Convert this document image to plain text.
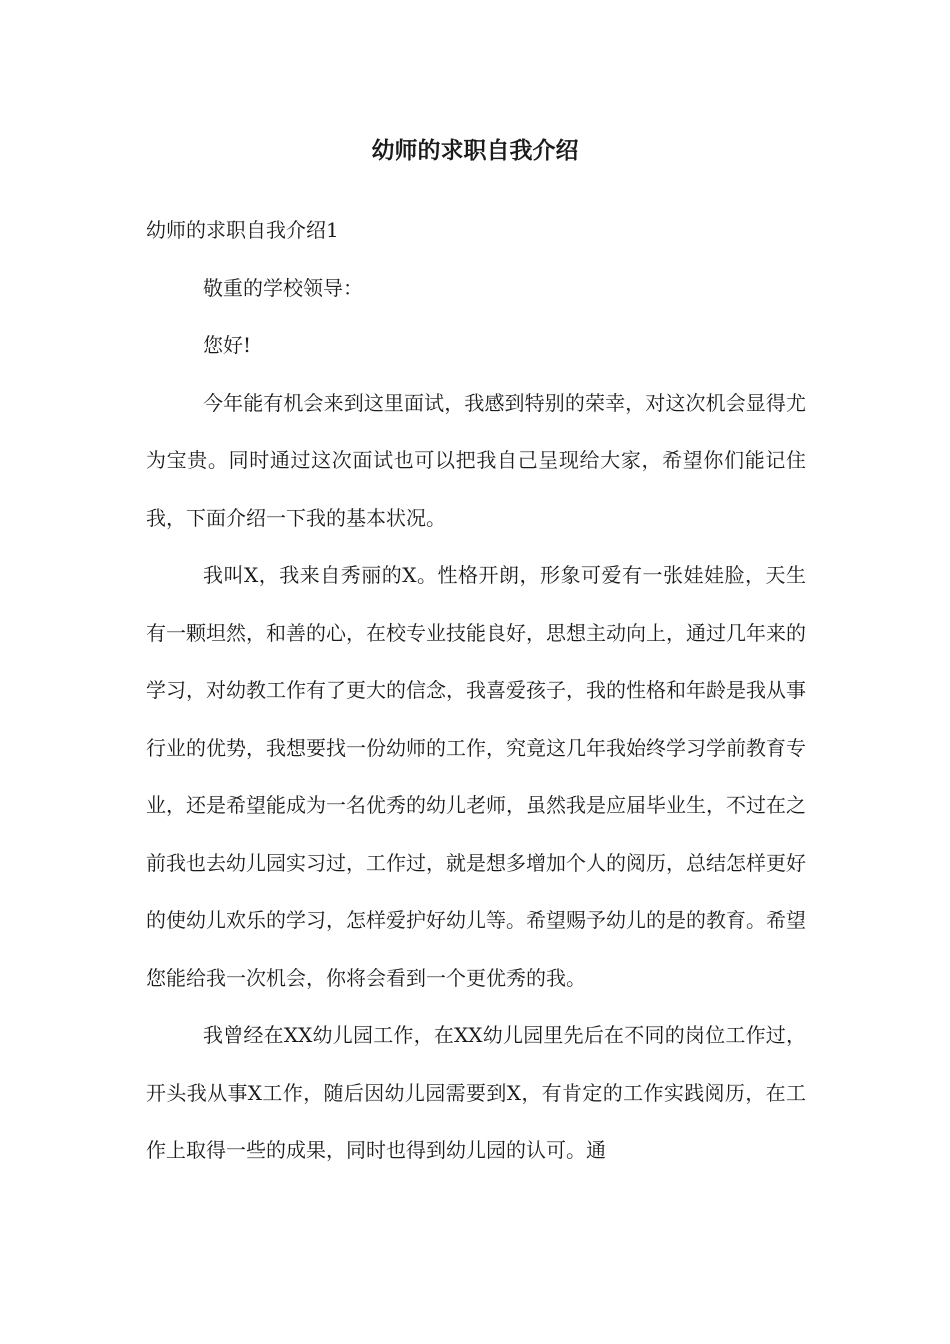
幼师的求职自我介绍

幼师的求职自我介绍1

敬重的学校领导：

您好!

今年能有机会来到这里面试，我感到特别的荣幸，对这次机会显得尤为宝贵。同时通过这次面试也可以把我自己呈现给大家，希望你们能记住我，下面介绍一下我的基本状况。

我叫X，我来自秀丽的X。性格开朗，形象可爱有一张娃娃脸，天生有一颗坦然，和善的心，在校专业技能良好，思想主动向上，通过几年来的学习，对幼教工作有了更大的信念，我喜爱孩子，我的性格和年龄是我从事行业的优势，我想要找一份幼师的工作，究竟这几年我始终学习学前教育专业，还是希望能成为一名优秀的幼儿老师，虽然我是应届毕业生，不过在之前我也去幼儿园实习过，工作过，就是想多增加个人的阅历，总结怎样更好的使幼儿欢乐的学习，怎样爱护好幼儿等。希望赐予幼儿的是的教育。希望您能给我一次机会，你将会看到一个更优秀的我。

我曾经在XX幼儿园工作，在XX幼儿园里先后在不同的岗位工作过，开头我从事X工作，随后因幼儿园需要到X，有肯定的工作实践阅历，在工作上取得一些的成果，同时也得到幼儿园的认可。通
